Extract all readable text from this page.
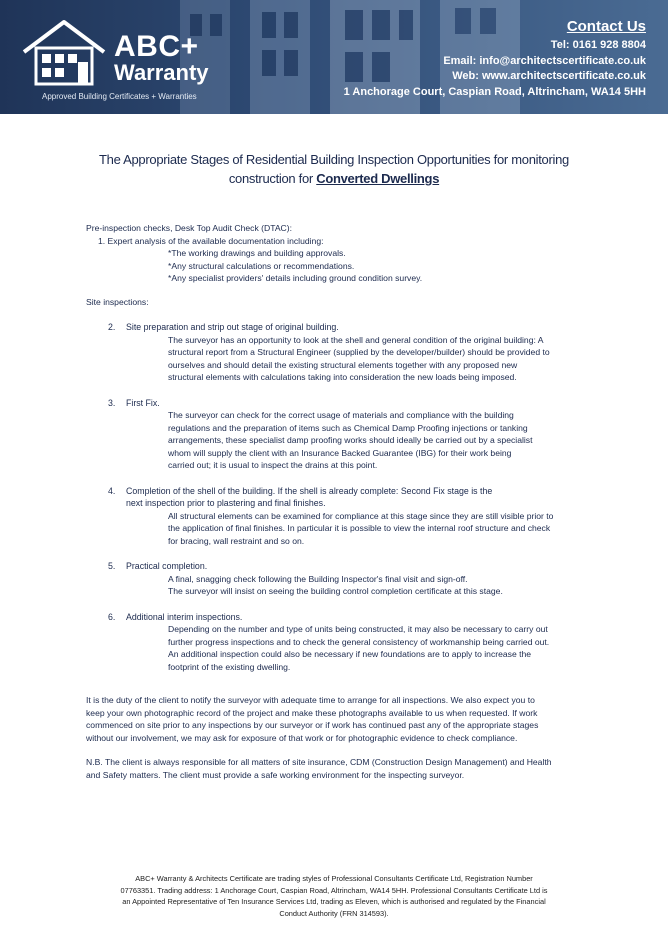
ABC+
Warranty
Approved Building Certificates + Warranties
Contact Us
Tel: 0161 928 8804
Email: info@architectscertificate.co.uk
Web: www.architectscertificate.co.uk
1 Anchorage Court, Caspian Road, Altrincham, WA14 5HH
The Appropriate Stages of Residential Building Inspection Opportunities for monitoring
construction for Converted Dwellings
Pre-inspection checks, Desk Top Audit Check (DTAC):
1. Expert analysis of the available documentation including:
*The working drawings and building approvals.
*Any structural calculations or recommendations.
*Any specialist providers' details including ground condition survey.
Site inspections:
2. Site preparation and strip out stage of original building.
The surveyor has an opportunity to look at the shell and general condition of the original building: A
structural report from a Structural Engineer (supplied by the developer/builder) should be provided to
ourselves and should detail the existing structural elements together with any proposed new
structural elements with calculations taking into consideration the new loads being imposed.
3. First Fix.
The surveyor can check for the correct usage of materials and compliance with the building
regulations and the preparation of items such as Chemical Damp Proofing injections or tanking
arrangements, these specialist damp proofing works should ideally be carried out by a specialist
whom will supply the client with an Insurance Backed Guarantee (IBG) for their work being
carried out; it is usual to inspect the drains at this point.
4. Completion of the shell of the building. If the shell is already complete: Second Fix stage is the
next inspection prior to plastering and final finishes.
All structural elements can be examined for compliance at this stage since they are still visible prior to
the application of final finishes. In particular it is possible to view the internal roof structure and check
for bracing, wall restraint and so on.
5. Practical completion.
A final, snagging check following the Building Inspector's final visit and sign-off.
The surveyor will insist on seeing the building control completion certificate at this stage.
6. Additional interim inspections.
Depending on the number and type of units being constructed, it may also be necessary to carry out
further progress inspections and to check the general consistency of workmanship being carried out.
An additional inspection could also be necessary if new foundations are to apply to increase the
footprint of the existing dwelling.
It is the duty of the client to notify the surveyor with adequate time to arrange for all inspections. We also expect you to
keep your own photographic record of the project and make these photographs available to us when requested. If work
commenced on site prior to any inspections by our surveyor or if work has continued past any of the appropriate stages
without our involvement, we may ask for exposure of that work or for photographic evidence to check compliance.
N.B. The client is always responsible for all matters of site insurance, CDM (Construction Design Management) and Health
and Safety matters. The client must provide a safe working environment for the inspecting surveyor.
ABC+ Warranty & Architects Certificate are trading styles of Professional Consultants Certificate Ltd, Registration Number
07763351. Trading address: 1 Anchorage Court, Caspian Road, Altrincham, WA14 5HH. Professional Consultants Certificate Ltd is
an Appointed Representative of Ten Insurance Services Ltd, trading as Eleven, which is authorised and regulated by the Financial
Conduct Authority (FRN 314593).
